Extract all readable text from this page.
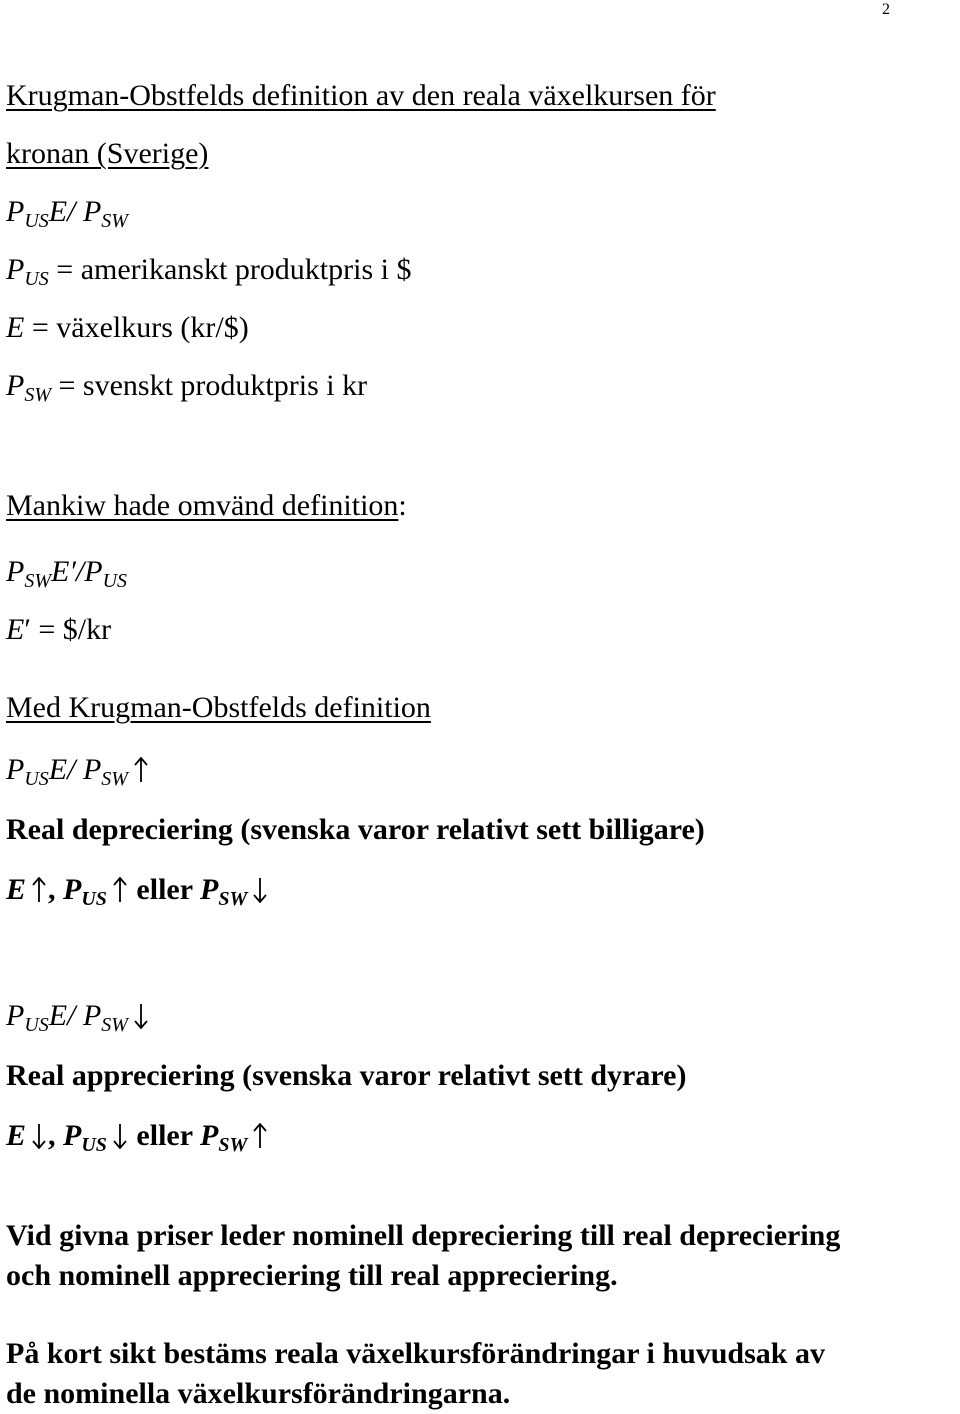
2
Krugman-Obstfelds definition av den reala växelkursen för
kronan (Sverige)
$P_{US}E/$ $P_{SW}$
$P_{US}$ = amerikanskt produktpris i $
E = växelkurs (kr/$)
$P_{SW}$ = svenskt produktpris i kr
Mankiw hade omvänd definition:
$P_{SW}E'/P_{US}$
E′ = $/kr
Med Krugman-Obstfelds definition
$P_{US}E/$ $P_{SW}$
Real depreciering (svenska varor relativt sett billigare)
E , $P_{US}$
eller $P_{SW}$
$P_{US}E/$ $P_{SW}$
Real appreciering (svenska varor relativt sett dyrare)
E , $P_{US}$
eller $P_{SW}$
Vid givna priser leder nominell depreciering till real depreciering
och nominell appreciering till real appreciering.
På kort sikt bestäms reala växelkursförändringar i huvudsak av
de nominella växelkursförändringarna.
